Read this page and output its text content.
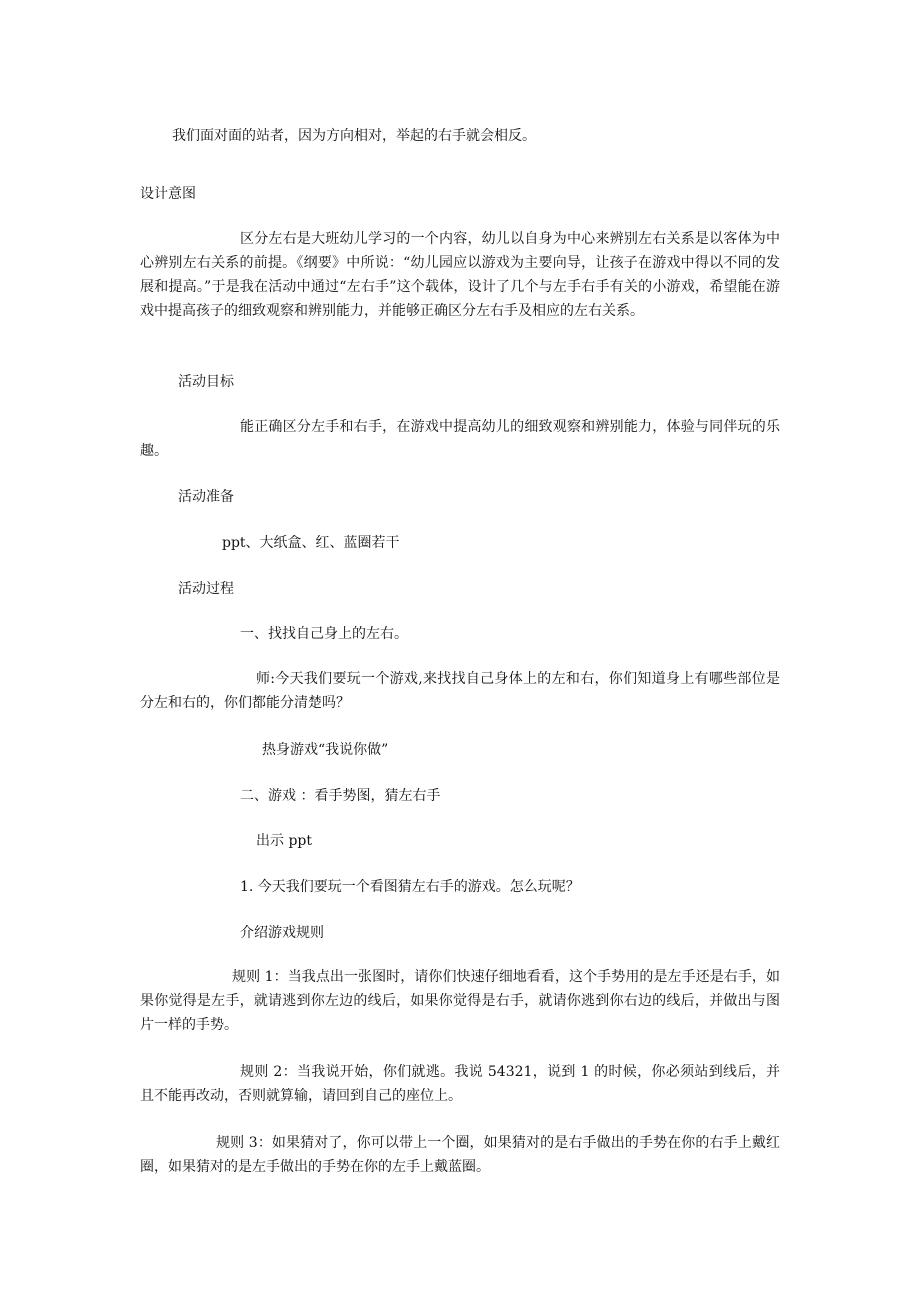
我们面对面的站者，因为方向相对，举起的右手就会相反。

设计意图

区分左右是大班幼儿学习的一个内容，幼儿以自身为中心来辨别左右关系是以客体为中心辨别左右关系的前提。《纲要》中所说：“幼儿园应以游戏为主要向导，让孩子在游戏中得以不同的发展和提高。”于是我在活动中通过“左右手”这个载体，设计了几个与左手右手有关的小游戏，希望能在游戏中提高孩子的细致观察和辨别能力，并能够正确区分左右手及相应的左右关系。

活动目标

能正确区分左手和右手，在游戏中提高幼儿的细致观察和辨别能力，体验与同伴玩的乐趣。

活动准备

ppt、大纸盒、红、蓝圈若干

活动过程

一、找找自己身上的左右。

师:今天我们要玩一个游戏,来找找自己身体上的左和右，你们知道身上有哪些部位是分左和右的，你们都能分清楚吗？

热身游戏“我说你做”

二、游戏 ：看手势图，猜左右手

出示 ppt

1. 今天我们要玩一个看图猜左右手的游戏。怎么玩呢？

介绍游戏规则

规则 1：当我点出一张图时，请你们快速仔细地看看，这个手势用的是左手还是右手，如果你觉得是左手，就请逃到你左边的线后，如果你觉得是右手，就请你逃到你右边的线后，并做出与图片一样的手势。

规则 2：当我说开始，你们就逃。我说 54321，说到 1 的时候，你必须站到线后，并且不能再改动，否则就算输，请回到自己的座位上。

规则 3：如果猜对了，你可以带上一个圈，如果猜对的是右手做出的手势在你的右手上戴红圈，如果猜对的是左手做出的手势在你的左手上戴蓝圈。
